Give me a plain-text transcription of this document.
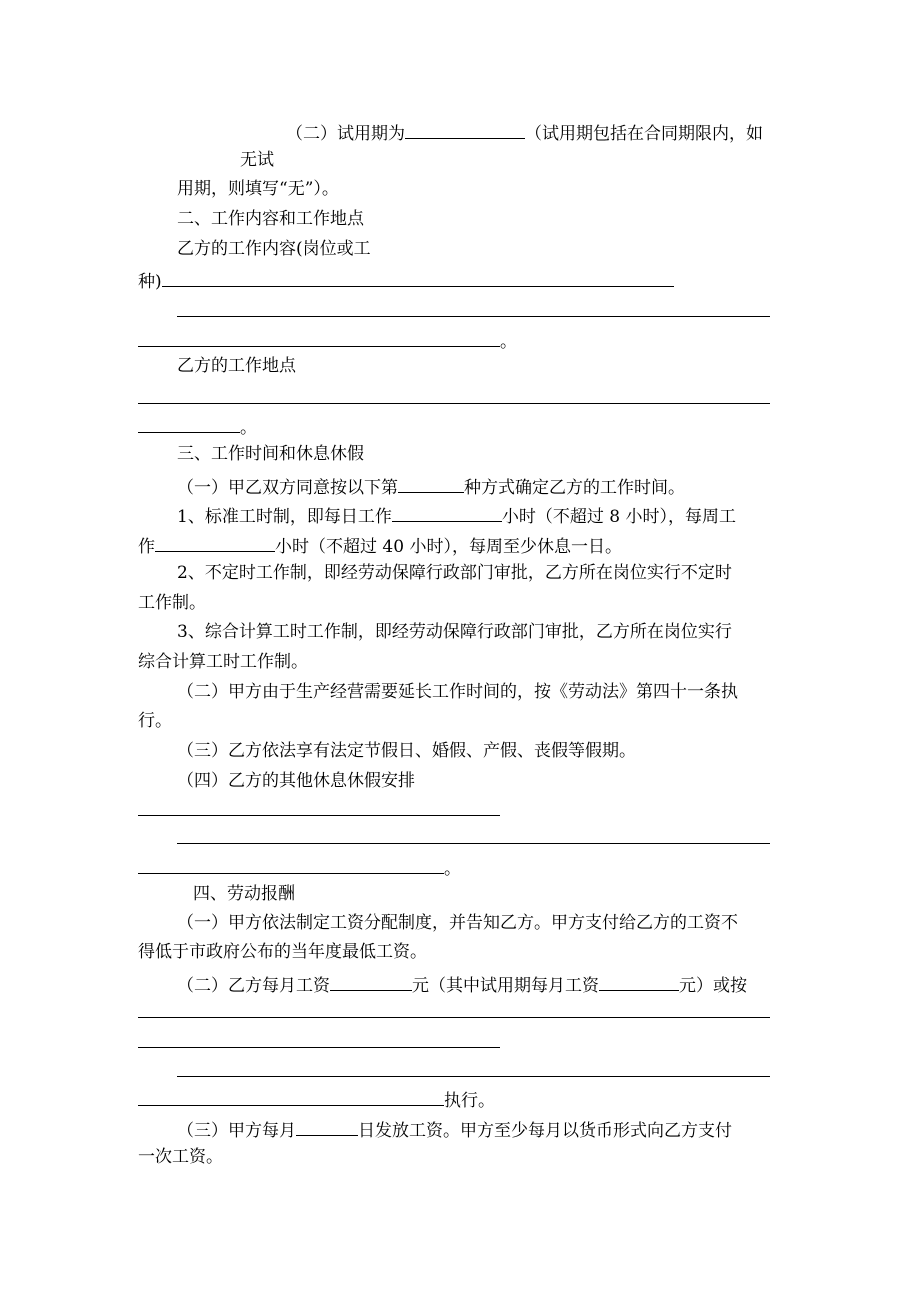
（二）试用期为	（试用期包括在合同期限内，如
无试
用期，则填写“无”）。
二、工作内容和工作地点
乙方的工作内容(岗位或工
种)
。
乙方的工作地点
。
三、工作时间和休息休假
（一）甲乙双方同意按以下第	种方式确定乙方的工作时间。
1、标准工时制，即每日工作	小时（不超过 8 小时），每周工
作	小时（不超过 40 小时），每周至少休息一日。
2、不定时工作制，即经劳动保障行政部门审批，乙方所在岗位实行不定时
工作制。
3、综合计算工时工作制，即经劳动保障行政部门审批，乙方所在岗位实行
综合计算工时工作制。
（二）甲方由于生产经营需要延长工作时间的，按《劳动法》第四十一条执
行。
（三）乙方依法享有法定节假日、婚假、产假、丧假等假期。
（四）乙方的其他休息休假安排
。
四、劳动报酬
（一）甲方依法制定工资分配制度，并告知乙方。甲方支付给乙方的工资不
得低于市政府公布的当年度最低工资。
（二）乙方每月工资	元（其中试用期每月工资	元）或按
执行。
（三）甲方每月	日发放工资。甲方至少每月以货币形式向乙方支付
一次工资。
